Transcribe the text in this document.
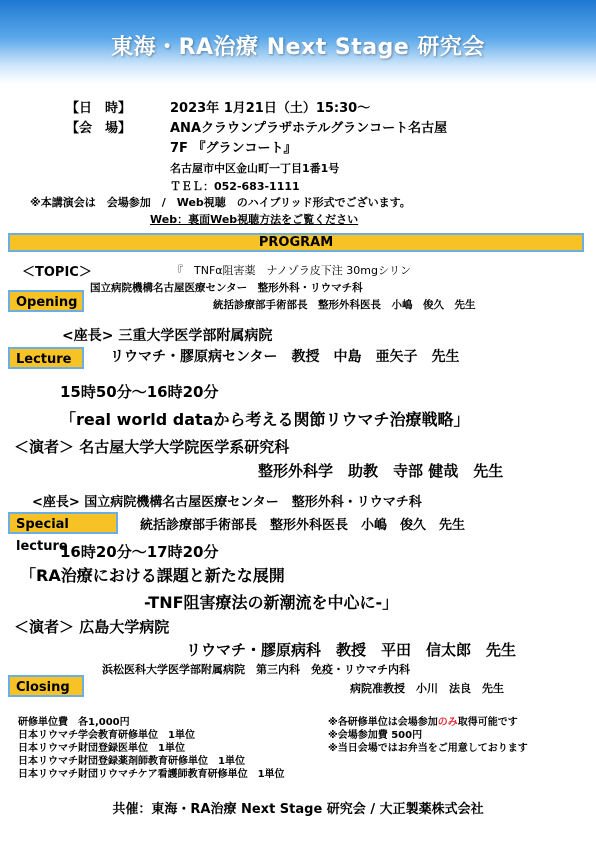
東海・RA治療 Next Stage 研究会
【日　時】	2023年 1月21日（土）15:30～
【会　場】	ANAクラウンプラザホテルグランコート名古屋
7F 『グランコート』
名古屋市中区金山町一丁目1番1号
ＴＥＬ：052-683-1111
※本講演会は　会場参加　/　Web視聴　のハイブリッド形式でございます。
Web：裏面Web視聴方法をご覧ください
PROGRAM
＜TOPIC＞	『　TNFα阻害薬　ナノゾラ皮下注 30mgシリン
Opening
国立病院機構名古屋医療センター　整形外科・リウマチ科
統括診療部手術部長　整形外科医長　小嶋　俊久　先生
<座長> 三重大学医学部附属病院
Lecture	リウマチ・膠原病センター　教授　中島　亜矢子　先生
15時50分～16時20分
「real world dataから考える関節リウマチ治療戦略」
＜演者＞ 名古屋大学大学院医学系研究科
整形外科学　助教　寺部 健哉　先生
<座長> 国立病院機構名古屋医療センター　整形外科・リウマチ科
Special lecture
統括診療部手術部長　整形外科医長　小嶋　俊久　先生
16時20分～17時20分
「RA治療における課題と新たな展開
-TNF阻害療法の新潮流を中心に-」
＜演者＞ 広島大学病院
リウマチ・膠原病科　教授　平田　信太郎　先生
浜松医科大学医学部附属病院　第三内科　免疫・リウマチ内科
Closing	病院准教授　小川　法良　先生
研修単位費　各1,000円
日本リウマチ学会教育研修単位　1単位
日本リウマチ財団登録医単位　1単位
日本リウマチ財団登録薬剤師教育研修単位　1単位
日本リウマチ財団リウマチケア看護師教育研修単位　1単位
※各研修単位は会場参加のみ取得可能です
※会場参加費 500円
※当日会場ではお弁当をご用意しております
共催：東海・RA治療 Next Stage 研究会 / 大正製薬株式会社
